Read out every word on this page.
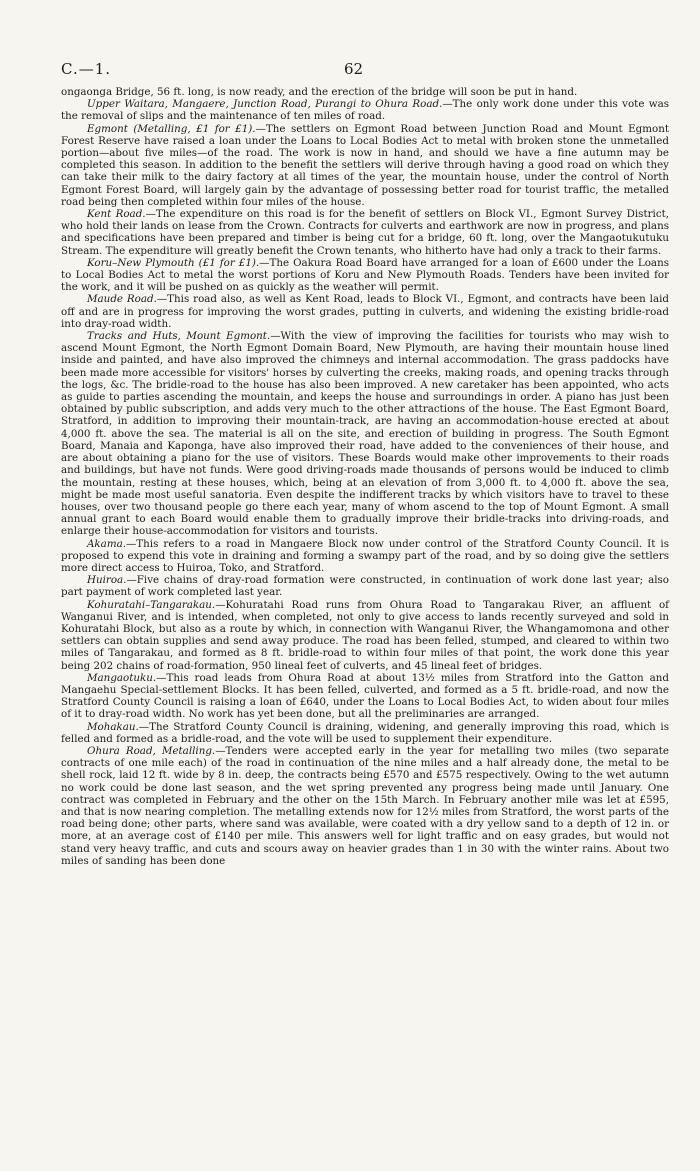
C.—1.	62

ongaonga Bridge, 56 ft. long, is now ready, and the erection of the bridge will soon be put in hand.

Upper Waitara, Mangaere, Junction Road, Purangi to Ohura Road.—The only work done under this vote was the removal of slips and the maintenance of ten miles of road.

Egmont (Metalling, £1 for £1).—The settlers on Egmont Road between Junction Road and Mount Egmont Forest Reserve have raised a loan under the Loans to Local Bodies Act to metal with broken stone the unmetalled portion—about five miles—of the road. The work is now in hand, and should we have a fine autumn may be completed this season. In addition to the benefit the settlers will derive through having a good road on which they can take their milk to the dairy factory at all times of the year, the mountain house, under the control of North Egmont Forest Board, will largely gain by the advantage of possessing better road for tourist traffic, the metalled road being then completed within four miles of the house.

Kent Road.—The expenditure on this road is for the benefit of settlers on Block VI., Egmont Survey District, who hold their lands on lease from the Crown. Contracts for culverts and earthwork are now in progress, and plans and specifications have been prepared and timber is being cut for a bridge, 60 ft. long, over the Mangaotukutuku Stream. The expenditure will greatly benefit the Crown tenants, who hitherto have had only a track to their farms.

Koru–New Plymouth (£1 for £1).—The Oakura Road Board have arranged for a loan of £600 under the Loans to Local Bodies Act to metal the worst portions of Koru and New Plymouth Roads. Tenders have been invited for the work, and it will be pushed on as quickly as the weather will permit.

Maude Road.—This road also, as well as Kent Road, leads to Block VI., Egmont, and contracts have been laid off and are in progress for improving the worst grades, putting in culverts, and widening the existing bridle-road into dray-road width.

Tracks and Huts, Mount Egmont.—With the view of improving the facilities for tourists who may wish to ascend Mount Egmont, the North Egmont Domain Board, New Plymouth, are having their mountain house lined inside and painted, and have also improved the chimneys and internal accommodation. The grass paddocks have been made more accessible for visitors' horses by culverting the creeks, making roads, and opening tracks through the logs, &c. The bridle-road to the house has also been improved. A new caretaker has been appointed, who acts as guide to parties ascending the mountain, and keeps the house and surroundings in order. A piano has just been obtained by public subscription, and adds very much to the other attractions of the house. The East Egmont Board, Stratford, in addition to improving their mountain-track, are having an accommodation-house erected at about 4,000 ft. above the sea. The material is all on the site, and erection of building in progress. The South Egmont Board, Manaia and Kaponga, have also improved their road, have added to the conveniences of their house, and are about obtaining a piano for the use of visitors. These Boards would make other improvements to their roads and buildings, but have not funds. Were good driving-roads made thousands of persons would be induced to climb the mountain, resting at these houses, which, being at an elevation of from 3,000 ft. to 4,000 ft. above the sea, might be made most useful sanatoria. Even despite the indifferent tracks by which visitors have to travel to these houses, over two thousand people go there each year, many of whom ascend to the top of Mount Egmont. A small annual grant to each Board would enable them to gradually improve their bridle-tracks into driving-roads, and enlarge their house-accommodation for visitors and tourists.

Akama.—This refers to a road in Mangaere Block now under control of the Stratford County Council. It is proposed to expend this vote in draining and forming a swampy part of the road, and by so doing give the settlers more direct access to Huiroa, Toko, and Stratford.

Huiroa.—Five chains of dray-road formation were constructed, in continuation of work done last year; also part payment of work completed last year.

Kohuratahi–Tangarakau.—Kohuratahi Road runs from Ohura Road to Tangarakau River, an affluent of Wanganui River, and is intended, when completed, not only to give access to lands recently surveyed and sold in Kohuratahi Block, but also as a route by which, in connection with Wanganui River, the Whangamomona and other settlers can obtain supplies and send away produce. The road has been felled, stumped, and cleared to within two miles of Tangarakau, and formed as 8 ft. bridle-road to within four miles of that point, the work done this year being 202 chains of road-formation, 950 lineal feet of culverts, and 45 lineal feet of bridges.

Mangaotuku.—This road leads from Ohura Road at about 13½ miles from Stratford into the Gatton and Mangaehu Special-settlement Blocks. It has been felled, culverted, and formed as a 5 ft. bridle-road, and now the Stratford County Council is raising a loan of £640, under the Loans to Local Bodies Act, to widen about four miles of it to dray-road width. No work has yet been done, but all the preliminaries are arranged.

Mohakau.—The Stratford County Council is draining, widening, and generally improving this road, which is felled and formed as a bridle-road, and the vote will be used to supplement their expenditure.

Ohura Road, Metalling.—Tenders were accepted early in the year for metalling two miles (two separate contracts of one mile each) of the road in continuation of the nine miles and a half already done, the metal to be shell rock, laid 12 ft. wide by 8 in. deep, the contracts being £570 and £575 respectively. Owing to the wet autumn no work could be done last season, and the wet spring prevented any progress being made until January. One contract was completed in February and the other on the 15th March. In February another mile was let at £595, and that is now nearing completion. The metalling extends now for 12½ miles from Stratford, the worst parts of the road being done; other parts, where sand was available, were coated with a dry yellow sand to a depth of 12 in. or more, at an average cost of £140 per mile. This answers well for light traffic and on easy grades, but would not stand very heavy traffic, and cuts and scours away on heavier grades than 1 in 30 with the winter rains. About two miles of sanding has been done
